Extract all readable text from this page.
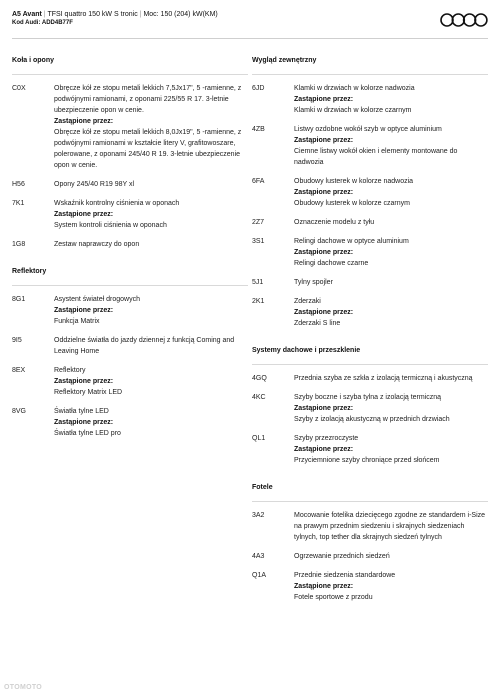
A5 Avant | TFSI quattro 150 kW S tronic | Moc: 150 (204) kW(KM)
Kod Audi: ADD4B77F
Koła i opony
C0X	Obręcze kół ze stopu metali lekkich 7,5Jx17", 5 -ramienne, z podwójnymi ramionami, z oponami 225/55 R 17. 3-letnie ubezpieczenie opon w cenie.
Zastąpione przez:
Obręcze kół ze stopu metali lekkich 8,0Jx19", 5 -ramienne, z podwójnymi ramionami w kształcie litery V, grafitowoszare, polerowane, z oponami 245/40 R 19. 3-letnie ubezpieczenie opon w cenie.
H56	Opony 245/40 R19 98Y xl
7K1	Wskaźnik kontrolny ciśnienia w oponach
Zastąpione przez:
System kontroli ciśnienia w oponach
1G8	Zestaw naprawczy do opon
Reflektory
8G1	Asystent świateł drogowych
Zastąpione przez:
Funkcja Matrix
9I5	Oddzielne światła do jazdy dziennej z funkcją Coming and Leaving Home
8EX	Reflektory
Zastąpione przez:
Reflektory Matrix LED
8VG	Światła tylne LED
Zastąpione przez:
Światła tylne LED pro
Wygląd zewnętrzny
6JD	Klamki w drzwiach w kolorze nadwozia
Zastąpione przez:
Klamki w drzwiach w kolorze czarnym
4ZB	Listwy ozdobne wokół szyb w optyce aluminium
Zastąpione przez:
Ciemne listwy wokół okien i elementy montowane do nadwozia
6FA	Obudowy lusterek w kolorze nadwozia
Zastąpione przez:
Obudowy lusterek w kolorze czarnym
2Z7	Oznaczenie modelu z tyłu
3S1	Relingi dachowe w optyce aluminium
Zastąpione przez:
Relingi dachowe czarne
5J1	Tylny spojler
2K1	Zderzaki
Zastąpione przez:
Zderzaki S line
Systemy dachowe i przeszklenie
4GQ	Przednia szyba ze szkła z izolacją termiczną i akustyczną
4KC	Szyby boczne i szyba tylna z izolacją termiczną
Zastąpione przez:
Szyby z izolacją akustyczną w przednich drzwiach
QL1	Szyby przezroczyste
Zastąpione przez:
Przyciemnione szyby chroniące przed słońcem
Fotele
3A2	Mocowanie fotelika dziecięcego zgodne ze standardem i-Size na prawym przednim siedzeniu i skrajnych siedzeniach tylnych, top tether dla skrajnych siedzeń tylnych
4A3	Ogrzewanie przednich siedzeń
Q1A	Przednie siedzenia standardowe
Zastąpione przez:
Fotele sportowe z przodu
OTOMOTO
